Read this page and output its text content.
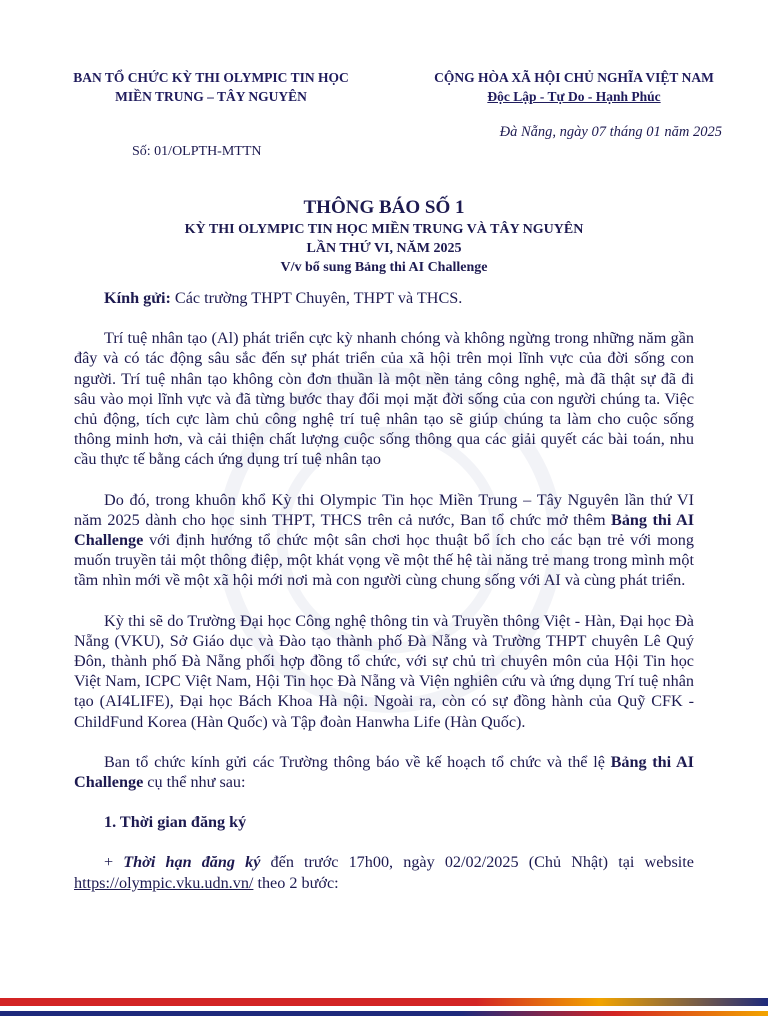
BAN TỔ CHỨC KỲ THI OLYMPIC TIN HỌC
MIỀN TRUNG – TÂY NGUYÊN
CỘNG HÒA XÃ HỘI CHỦ NGHĨA VIỆT NAM
Độc Lập - Tự Do - Hạnh Phúc
Đà Nẵng, ngày 07 tháng 01 năm 2025
Số: 01/OLPTH-MTTN
THÔNG BÁO SỐ 1
KỲ THI OLYMPIC TIN HỌC MIỀN TRUNG VÀ TÂY NGUYÊN
LẦN THỨ VI, NĂM 2025
V/v bổ sung Bảng thi AI Challenge

Kính gửi: Các trường THPT Chuyên, THPT và THCS.

Trí tuệ nhân tạo (Al) phát triển cực kỳ nhanh chóng và không ngừng trong những năm gần đây và có tác động sâu sắc đến sự phát triển của xã hội trên mọi lĩnh vực của đời sống con người. Trí tuệ nhân tạo không còn đơn thuần là một nền tảng công nghệ, mà đã thật sự đã đi sâu vào mọi lĩnh vực và đã từng bước thay đổi mọi mặt đời sống của con người chúng ta. Việc chủ động, tích cực làm chủ công nghệ trí tuệ nhân tạo sẽ giúp chúng ta làm cho cuộc sống thông minh hơn, và cải thiện chất lượng cuộc sống thông qua các giải quyết các bài toán, nhu cầu thực tế bằng cách ứng dụng trí tuệ nhân tạo

Do đó, trong khuôn khổ Kỳ thi Olympic Tin học Miền Trung – Tây Nguyên lần thứ VI năm 2025 dành cho học sinh THPT, THCS trên cả nước, Ban tổ chức mở thêm Bảng thi AI Challenge với định hướng tổ chức một sân chơi học thuật bổ ích cho các bạn trẻ với mong muốn truyền tải một thông điệp, một khát vọng về một thế hệ tài năng trẻ mang trong mình một tầm nhìn mới về một xã hội mới nơi mà con người cùng chung sống với AI và cùng phát triển.

Kỳ thi sẽ do Trường Đại học Công nghệ thông tin và Truyền thông Việt - Hàn, Đại học Đà Nẵng (VKU), Sở Giáo dục và Đào tạo thành phố Đà Nẵng và Trường THPT chuyên Lê Quý Đôn, thành phố Đà Nẵng phối hợp đồng tổ chức, với sự chủ trì chuyên môn của Hội Tin học Việt Nam, ICPC Việt Nam, Hội Tin học Đà Nẵng và Viện nghiên cứu và ứng dụng Trí tuệ nhân tạo (AI4LIFE), Đại học Bách Khoa Hà nội. Ngoài ra, còn có sự đồng hành của Quỹ CFK - ChildFund Korea (Hàn Quốc) và Tập đoàn Hanwha Life (Hàn Quốc).

Ban tổ chức kính gửi các Trường thông báo về kế hoạch tổ chức và thể lệ Bảng thi AI Challenge cụ thể như sau:

1. Thời gian đăng ký

+ Thời hạn đăng ký đến trước 17h00, ngày 02/02/2025 (Chủ Nhật) tại website https://olympic.vku.udn.vn/ theo 2 bước:
